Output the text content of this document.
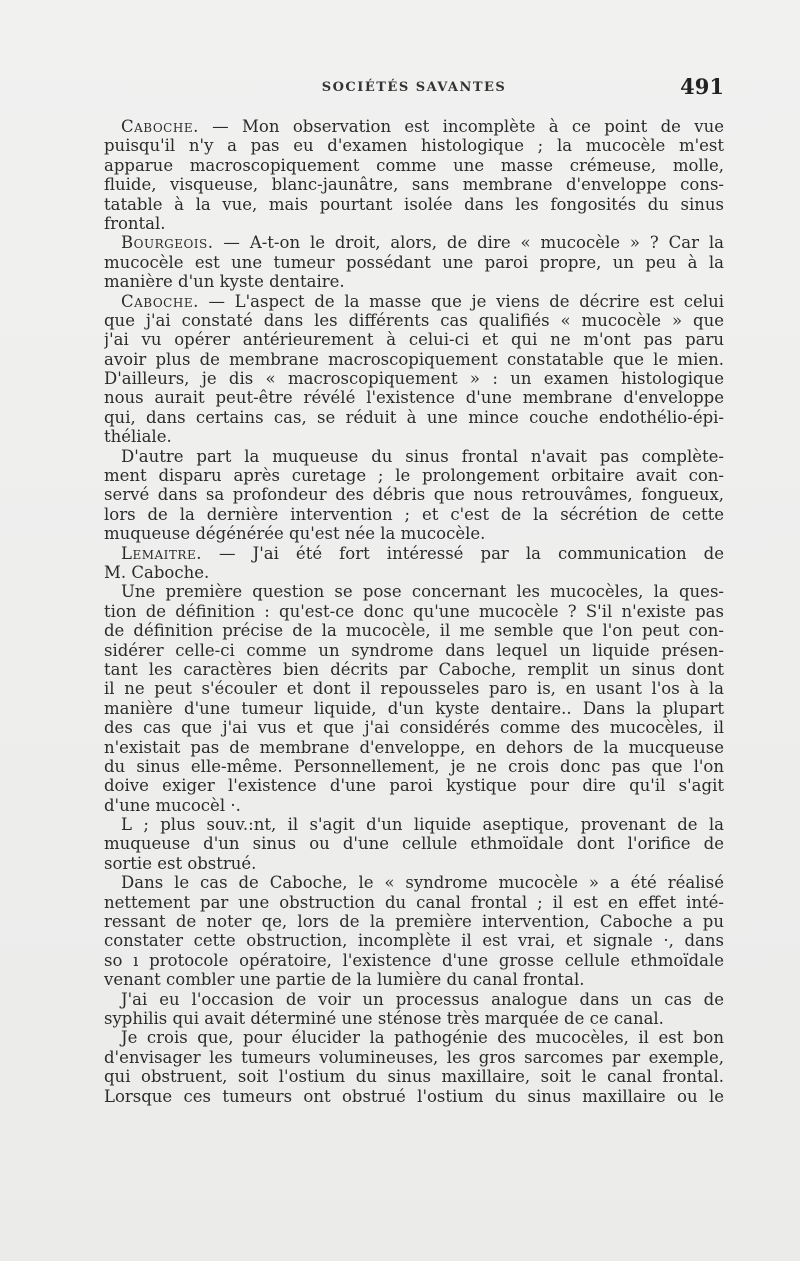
SOCIÉTÉS SAVANTES	491
Caboche. — Mon observation est incomplète à ce point de vue
puisqu'il n'y a pas eu d'examen histologique ; la mucocèle m'est
apparue macroscopiquement comme une masse crémeuse, molle,
fluide, visqueuse, blanc-jaunâtre, sans membrane d'enveloppe cons-
tatable à la vue, mais pourtant isolée dans les fongosités du sinus
frontal.
Bourgeois. — A-t-on le droit, alors, de dire « mucocèle » ? Car la
mucocèle est une tumeur possédant une paroi propre, un peu à la
manière d'un kyste dentaire.
Caboche. — L'aspect de la masse que je viens de décrire est celui
que j'ai constaté dans les différents cas qualifiés « mucocèle » que
j'ai vu opérer antérieurement à celui-ci et qui ne m'ont pas paru
avoir plus de membrane macroscopiquement constatable que le mien.
D'ailleurs, je dis « macroscopiquement » : un examen histologique
nous aurait peut-être révélé l'existence d'une membrane d'enveloppe
qui, dans certains cas, se réduit à une mince couche endothélio-épi-
théliale.
D'autre part la muqueuse du sinus frontal n'avait pas complète-
ment disparu après curetage ; le prolongement orbitaire avait con-
servé dans sa profondeur des débris que nous retrouvâmes, fongueux,
lors de la dernière intervention ; et c'est de la sécrétion de cette
muqueuse dégénérée qu'est née la mucocèle.
Lemaitre. — J'ai été fort intéressé par la communication de
M. Caboche.
Une première question se pose concernant les mucocèles, la ques-
tion de définition : qu'est-ce donc qu'une mucocèle ? S'il n'existe pas
de définition précise de la mucocèle, il me semble que l'on peut con-
sidérer celle-ci comme un syndrome dans lequel un liquide présen-
tant les caractères bien décrits par Caboche, remplit un sinus dont
il ne peut s'écouler et dont il repousseles paro is, en usant l'os à la
manière d'une tumeur liquide, d'un kyste dentaire.. Dans la plupart
des cas que j'ai vus et que j'ai considérés comme des mucocèles, il
n'existait pas de membrane d'enveloppe, en dehors de la mucqueuse
du sinus elle-même. Personnellement, je ne crois donc pas que l'on
doive exiger l'existence d'une paroi kystique pour dire qu'il s'agit
d'une mucocèl ·.
L ; plus souv.:nt, il s'agit d'un liquide aseptique, provenant de la
muqueuse d'un sinus ou d'une cellule ethmoïdale dont l'orifice de
sortie est obstrué.
Dans le cas de Caboche, le « syndrome mucocèle » a été réalisé
nettement par une obstruction du canal frontal ; il est en effet inté-
ressant de noter qe, lors de la première intervention, Caboche a pu
constater cette obstruction, incomplète il est vrai, et signale ·, dans
so ı protocole opératoire, l'existence d'une grosse cellule ethmoïdale
venant combler une partie de la lumière du canal frontal.
J'ai eu l'occasion de voir un processus analogue dans un cas de
syphilis qui avait déterminé une sténose très marquée de ce canal.
Je crois que, pour élucider la pathogénie des mucocèles, il est bon
d'envisager les tumeurs volumineuses, les gros sarcomes par exemple,
qui obstruent, soit l'ostium du sinus maxillaire, soit le canal frontal.
Lorsque ces tumeurs ont obstrué l'ostium du sinus maxillaire ou le
